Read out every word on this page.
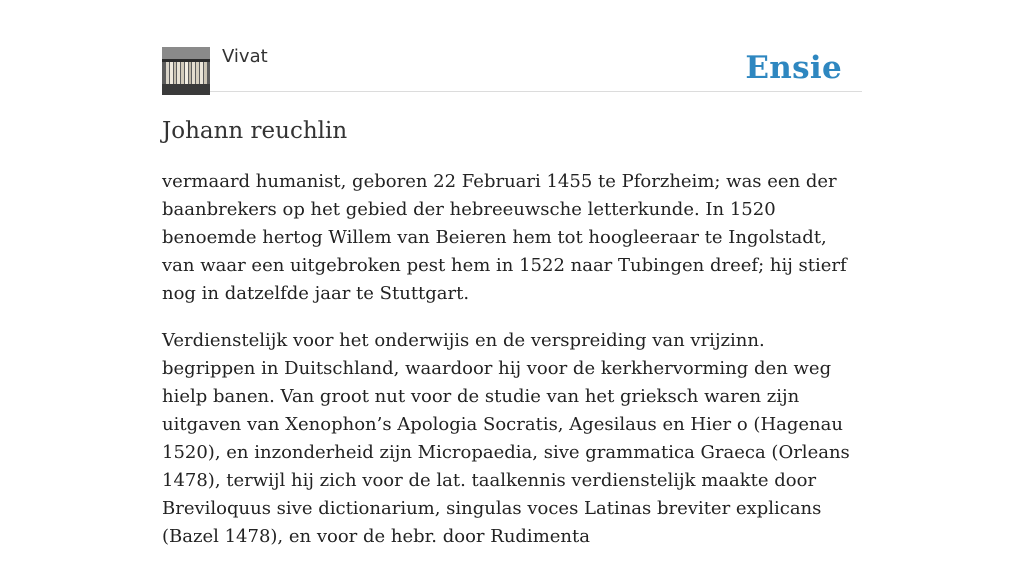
Vivat	Ensie
Johann reuchlin

vermaard humanist, geboren 22 Februari 1455 te Pforzheim; was een der baanbrekers op het gebied der hebreeuwsche letterkunde. In 1520 benoemde hertog Willem van Beieren hem tot hoogleeraar te Ingolstadt, van waar een uitgebroken pest hem in 1522 naar Tubingen dreef; hij stierf nog in datzelfde jaar te Stuttgart.

Verdienstelijk voor het onderwijis en de verspreiding van vrijzinn. begrippen in Duitschland, waardoor hij voor de kerkhervorming den weg hielp banen. Van groot nut voor de studie van het grieksch waren zijn uitgaven van Xenophon’s Apologia Socratis, Agesilaus en Hier o (Hagenau 1520), en inzonderheid zijn Micropaedia, sive grammatica Graeca (Orleans 1478), terwijl hij zich voor de lat. taalkennis verdienstelijk maakte door Breviloquus sive dictionarium, singulas voces Latinas breviter explicans (Bazel 1478), en voor de hebr. door Rudimenta
